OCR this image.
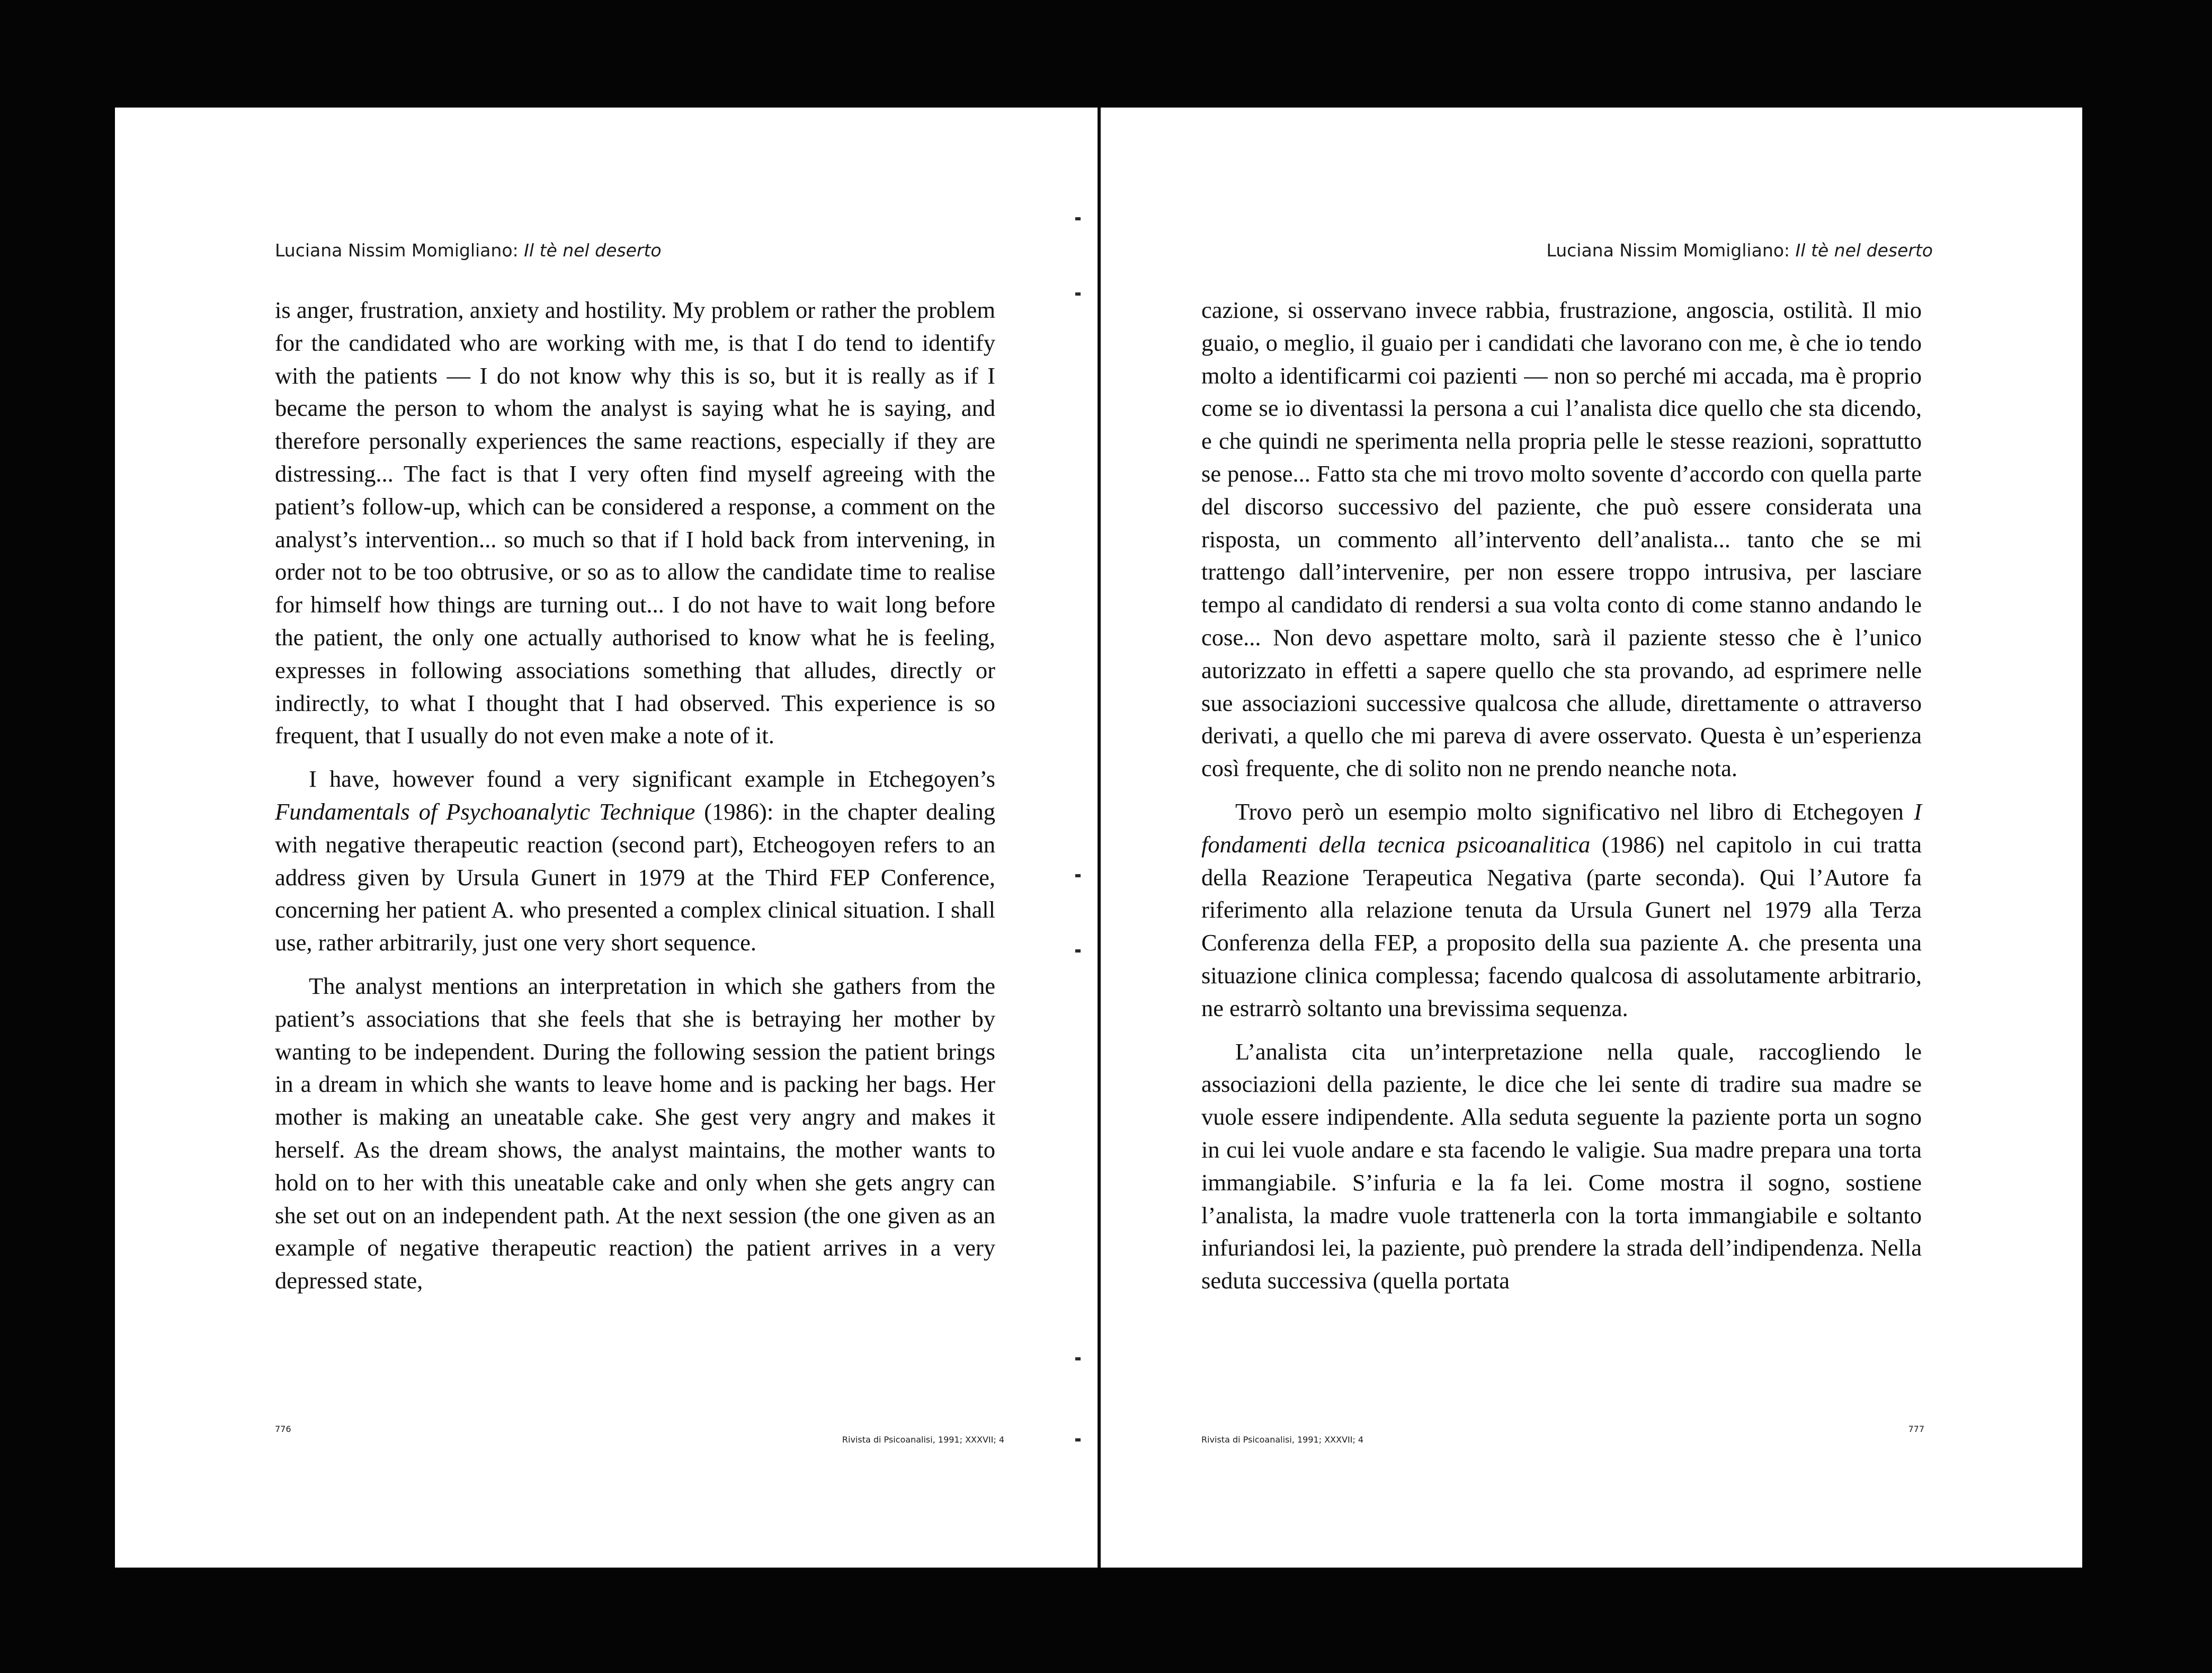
Luciana Nissim Momigliano: Il tè nel deserto

is anger, frustration, anxiety and hostility. My problem or rather the problem for the candidated who are working with me, is that I do tend to identify with the patients — I do not know why this is so, but it is really as if I became the person to whom the analyst is saying what he is saying, and therefore personally experiences the same reactions, especially if they are distressing... The fact is that I very often find myself agreeing with the patient’s follow-up, which can be considered a response, a comment on the analyst’s intervention... so much so that if I hold back from intervening, in order not to be too obtrusive, or so as to allow the candidate time to realise for himself how things are turning out... I do not have to wait long before the patient, the only one actually authorised to know what he is feeling, expresses in following associations something that alludes, directly or indirectly, to what I thought that I had observed. This experience is so frequent, that I usually do not even make a note of it.

I have, however found a very significant example in Etchegoyen’s Fundamentals of Psychoanalytic Technique (1986): in the chapter dealing with negative therapeutic reaction (second part), Etcheogoyen refers to an address given by Ursula Gunert in 1979 at the Third FEP Conference, concerning her patient A. who presented a complex clinical situation. I shall use, rather arbitrarily, just one very short sequence.

The analyst mentions an interpretation in which she gathers from the patient’s associations that she feels that she is betraying her mother by wanting to be independent. During the following session the patient brings in a dream in which she wants to leave home and is packing her bags. Her mother is making an uneatable cake. She gest very angry and makes it herself. As the dream shows, the analyst maintains, the mother wants to hold on to her with this uneatable cake and only when she gets angry can she set out on an independent path. At the next session (the one given as an example of negative therapeutic reaction) the patient arrives in a very depressed state,

776
Rivista di Psicoanalisi, 1991; XXXVII; 4
Luciana Nissim Momigliano: Il tè nel deserto

cazione, si osservano invece rabbia, frustrazione, angoscia, ostilità. Il mio guaio, o meglio, il guaio per i candidati che lavorano con me, è che io tendo molto a identificarmi coi pazienti — non so perché mi accada, ma è proprio come se io diventassi la persona a cui l’analista dice quello che sta dicendo, e che quindi ne sperimenta nella propria pelle le stesse reazioni, soprattutto se penose... Fatto sta che mi trovo molto sovente d’accordo con quella parte del discorso successivo del paziente, che può essere considerata una risposta, un commento all’intervento dell’analista... tanto che se mi trattengo dall’intervenire, per non essere troppo intrusiva, per lasciare tempo al candidato di rendersi a sua volta conto di come stanno andando le cose... Non devo aspettare molto, sarà il paziente stesso che è l’unico autorizzato in effetti a sapere quello che sta provando, ad esprimere nelle sue associazioni successive qualcosa che allude, direttamente o attraverso derivati, a quello che mi pareva di avere osservato. Questa è un’esperienza così frequente, che di solito non ne prendo neanche nota.

Trovo però un esempio molto significativo nel libro di Etchegoyen I fondamenti della tecnica psicoanalitica (1986) nel capitolo in cui tratta della Reazione Terapeutica Negativa (parte seconda). Qui l’Autore fa riferimento alla relazione tenuta da Ursula Gunert nel 1979 alla Terza Conferenza della FEP, a proposito della sua paziente A. che presenta una situazione clinica complessa; facendo qualcosa di assolutamente arbitrario, ne estrarrò soltanto una brevissima sequenza.

L’analista cita un’interpretazione nella quale, raccogliendo le associazioni della paziente, le dice che lei sente di tradire sua madre se vuole essere indipendente. Alla seduta seguente la paziente porta un sogno in cui lei vuole andare e sta facendo le valigie. Sua madre prepara una torta immangiabile. S’infuria e la fa lei. Come mostra il sogno, sostiene l’analista, la madre vuole trattenerla con la torta immangiabile e soltanto infuriandosi lei, la paziente, può prendere la strada dell’indipendenza. Nella seduta successiva (quella portata

Rivista di Psicoanalisi, 1991; XXXVII; 4
777
